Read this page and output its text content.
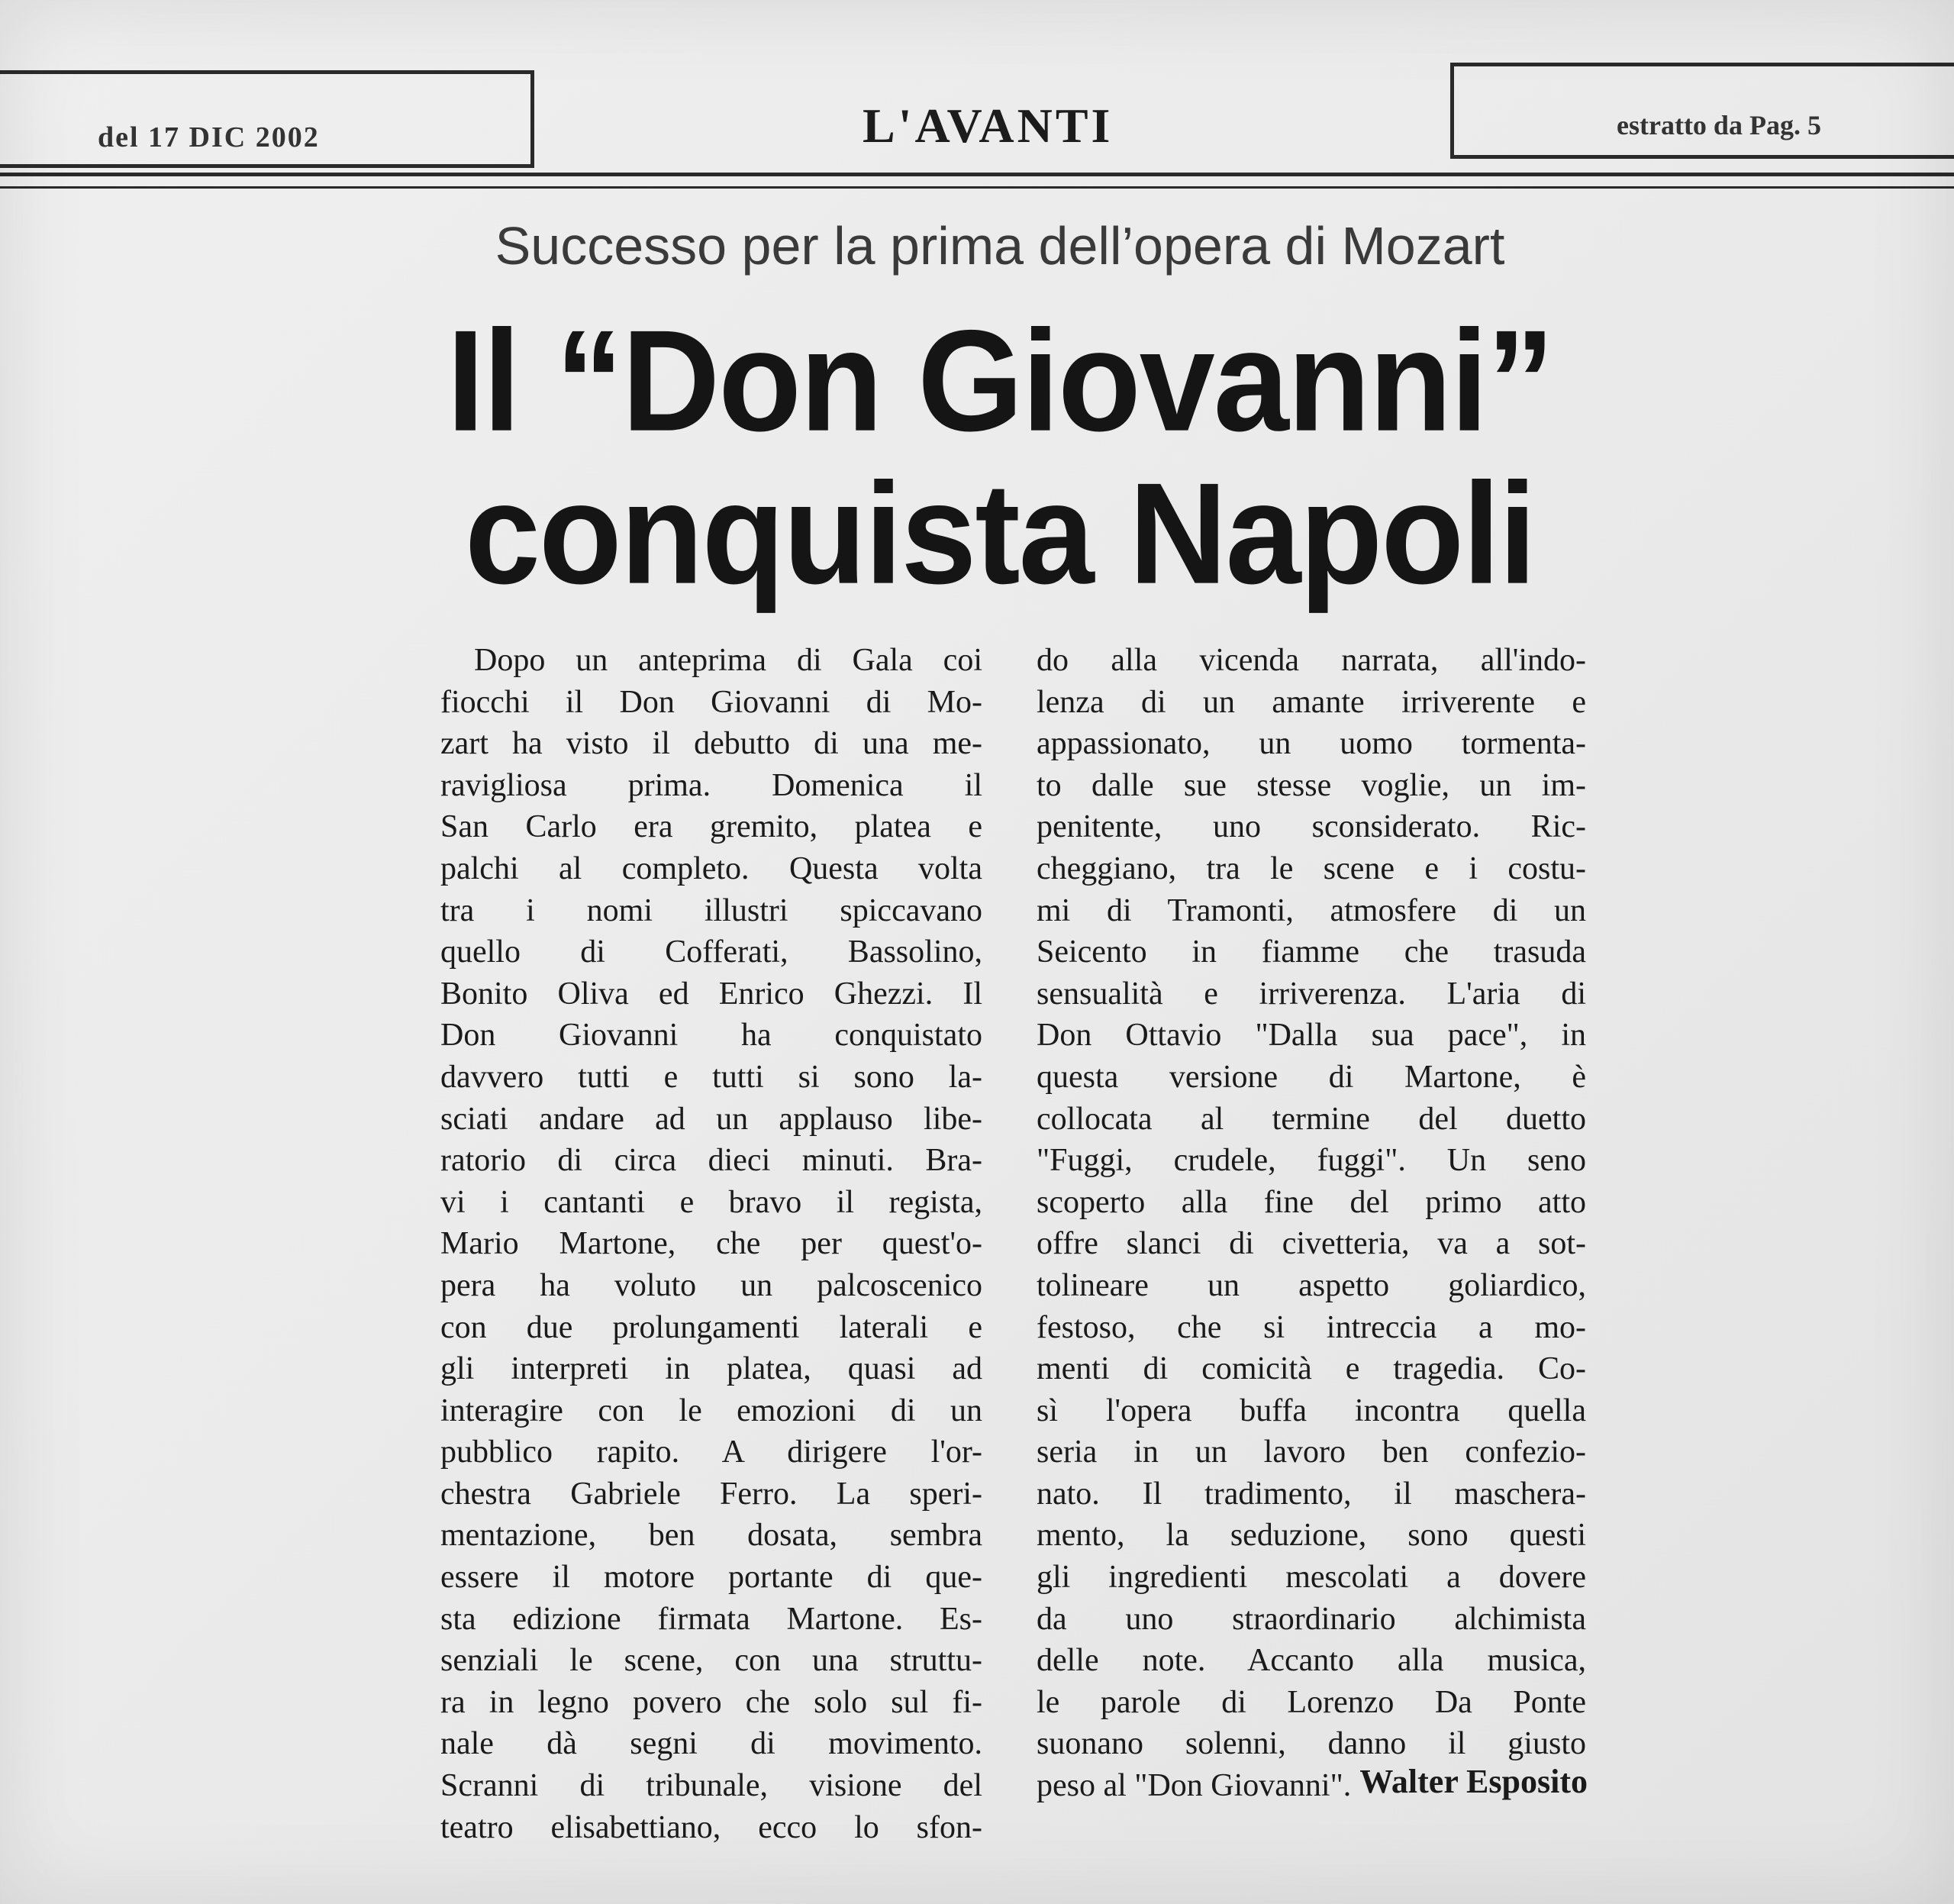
del 17 DIC 2002	L'AVANTI	estratto da Pag. 5
Successo per la prima dell’opera di Mozart
Il “Don Giovanni”
conquista Napoli
Dopo un anteprima di Gala coi
fiocchi il Don Giovanni di Mo-
zart ha visto il debutto di una me-
ravigliosa prima. Domenica il
San Carlo era gremito, platea e
palchi al completo. Questa volta
tra i nomi illustri spiccavano
quello di Cofferati, Bassolino,
Bonito Oliva ed Enrico Ghezzi. Il
Don Giovanni ha conquistato
davvero tutti e tutti si sono la-
sciati andare ad un applauso libe-
ratorio di circa dieci minuti. Bra-
vi i cantanti e bravo il regista,
Mario Martone, che per quest'o-
pera ha voluto un palcoscenico
con due prolungamenti laterali e
gli interpreti in platea, quasi ad
interagire con le emozioni di un
pubblico rapito. A dirigere l'or-
chestra Gabriele Ferro. La speri-
mentazione, ben dosata, sembra
essere il motore portante di que-
sta edizione firmata Martone. Es-
senziali le scene, con una struttu-
ra in legno povero che solo sul fi-
nale dà segni di movimento.
Scranni di tribunale, visione del
teatro elisabettiano, ecco lo sfon-
do alla vicenda narrata, all'indo-
lenza di un amante irriverente e
appassionato, un uomo tormenta-
to dalle sue stesse voglie, un im-
penitente, uno sconsiderato. Ric-
cheggiano, tra le scene e i costu-
mi di Tramonti, atmosfere di un
Seicento in fiamme che trasuda
sensualità e irriverenza. L'aria di
Don Ottavio "Dalla sua pace", in
questa versione di Martone, è
collocata al termine del duetto
"Fuggi, crudele, fuggi". Un seno
scoperto alla fine del primo atto
offre slanci di civetteria, va a sot-
tolineare un aspetto goliardico,
festoso, che si intreccia a mo-
menti di comicità e tragedia. Co-
sì l'opera buffa incontra quella
seria in un lavoro ben confezio-
nato. Il tradimento, il maschera-
mento, la seduzione, sono questi
gli ingredienti mescolati a dovere
da uno straordinario alchimista
delle note. Accanto alla musica,
le parole di Lorenzo Da Ponte
suonano solenni, danno il giusto
peso al "Don Giovanni". Walter Esposito
